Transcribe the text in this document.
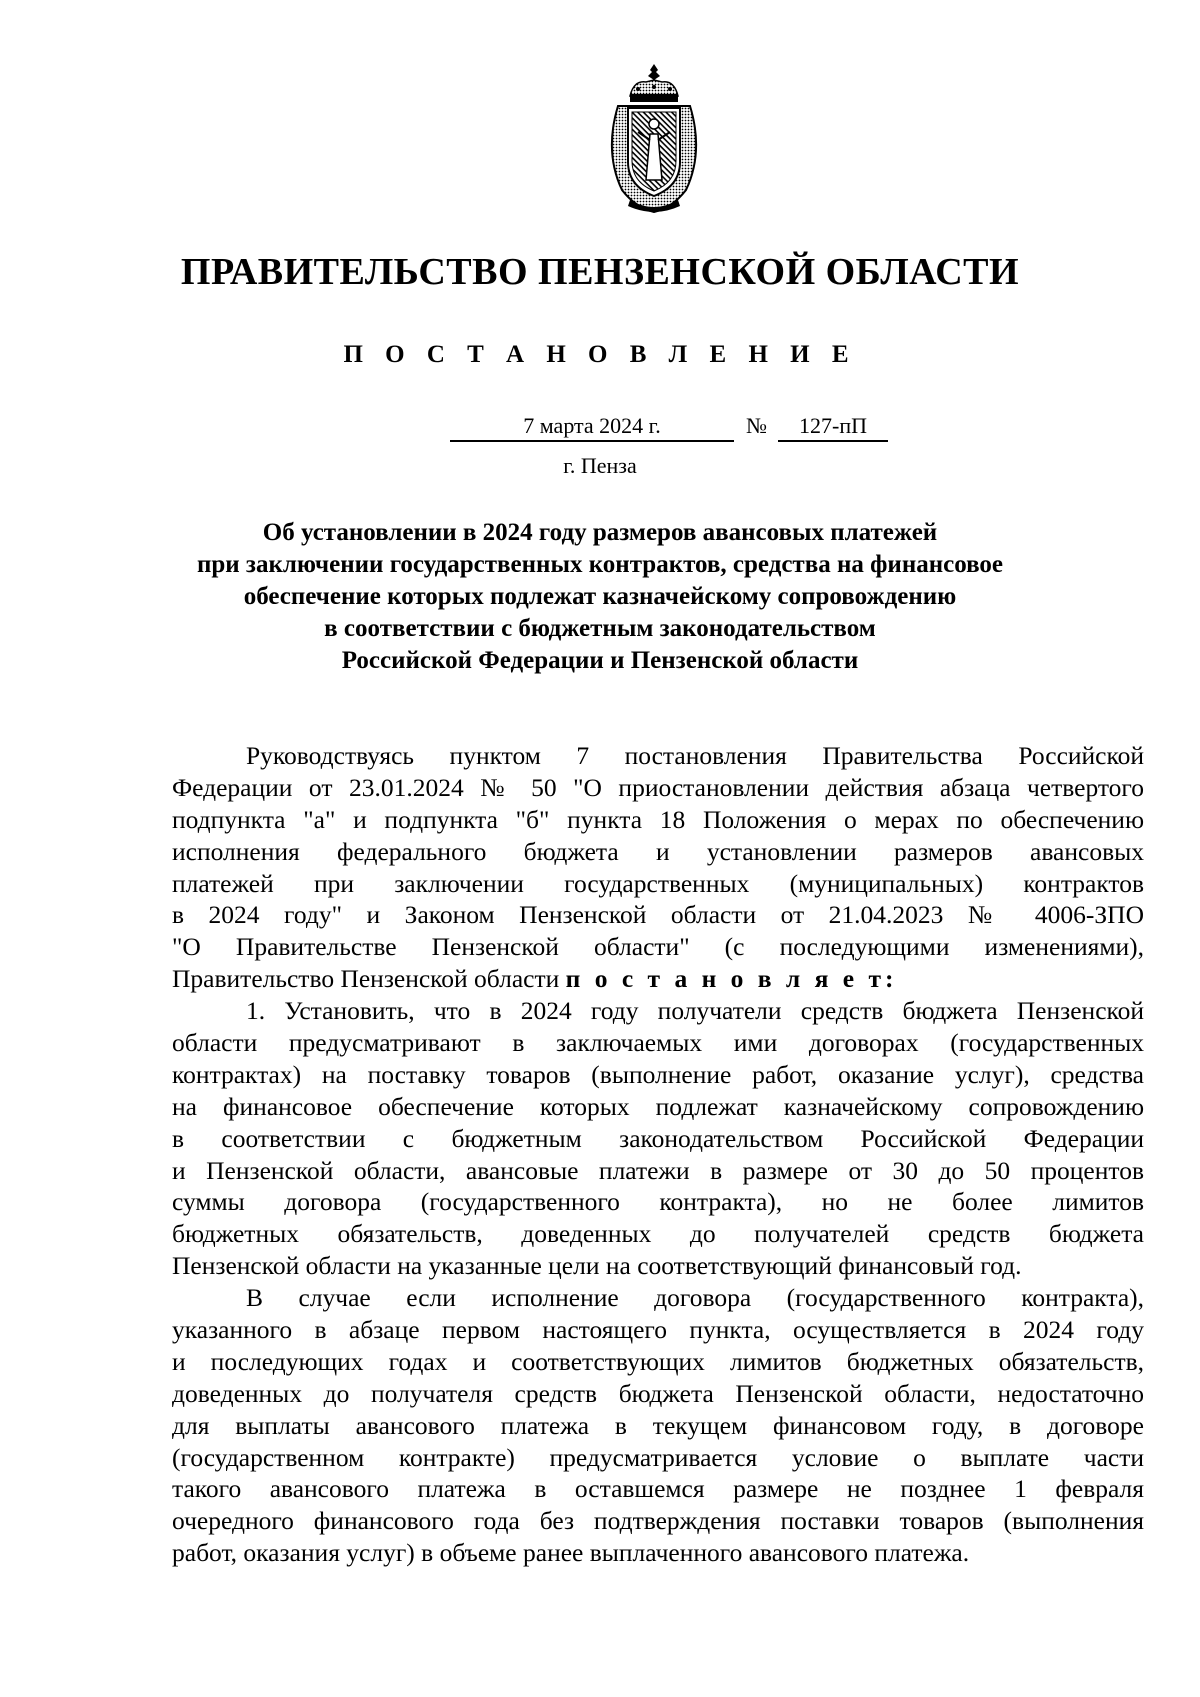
ПРАВИТЕЛЬСТВО ПЕНЗЕНСКОЙ ОБЛАСТИ
П О С Т А Н О В Л Е Н И Е
7 марта 2024 г.	№	127-пП
г. Пенза
Об установлении в 2024 году размеров авансовых платежей
при заключении государственных контрактов, средства на финансовое
обеспечение которых подлежат казначейскому сопровождению
в соответствии с бюджетным законодательством
Российской Федерации и Пензенской области
Руководствуясь пунктом 7 постановления Правительства Российской
Федерации от 23.01.2024 № 50 "О приостановлении действия абзаца четвертого
подпункта "а" и подпункта "б" пункта 18 Положения о мерах по обеспечению
исполнения федерального бюджета и установлении размеров авансовых
платежей при заключении государственных (муниципальных) контрактов
в 2024 году" и Законом Пензенской области от 21.04.2023 № 4006-ЗПО
"О Правительстве Пензенской области" (с последующими изменениями),
Правительство Пензенской области п о с т а н о в л я е т:
1. Установить, что в 2024 году получатели средств бюджета Пензенской
области предусматривают в заключаемых ими договорах (государственных
контрактах) на поставку товаров (выполнение работ, оказание услуг), средства
на финансовое обеспечение которых подлежат казначейскому сопровождению
в соответствии с бюджетным законодательством Российской Федерации
и Пензенской области, авансовые платежи в размере от 30 до 50 процентов
суммы договора (государственного контракта), но не более лимитов
бюджетных обязательств, доведенных до получателей средств бюджета
Пензенской области на указанные цели на соответствующий финансовый год.
В случае если исполнение договора (государственного контракта),
указанного в абзаце первом настоящего пункта, осуществляется в 2024 году
и последующих годах и соответствующих лимитов бюджетных обязательств,
доведенных до получателя средств бюджета Пензенской области, недостаточно
для выплаты авансового платежа в текущем финансовом году, в договоре
(государственном контракте) предусматривается условие о выплате части
такого авансового платежа в оставшемся размере не позднее 1 февраля
очередного финансового года без подтверждения поставки товаров (выполнения
работ, оказания услуг) в объеме ранее выплаченного авансового платежа.
